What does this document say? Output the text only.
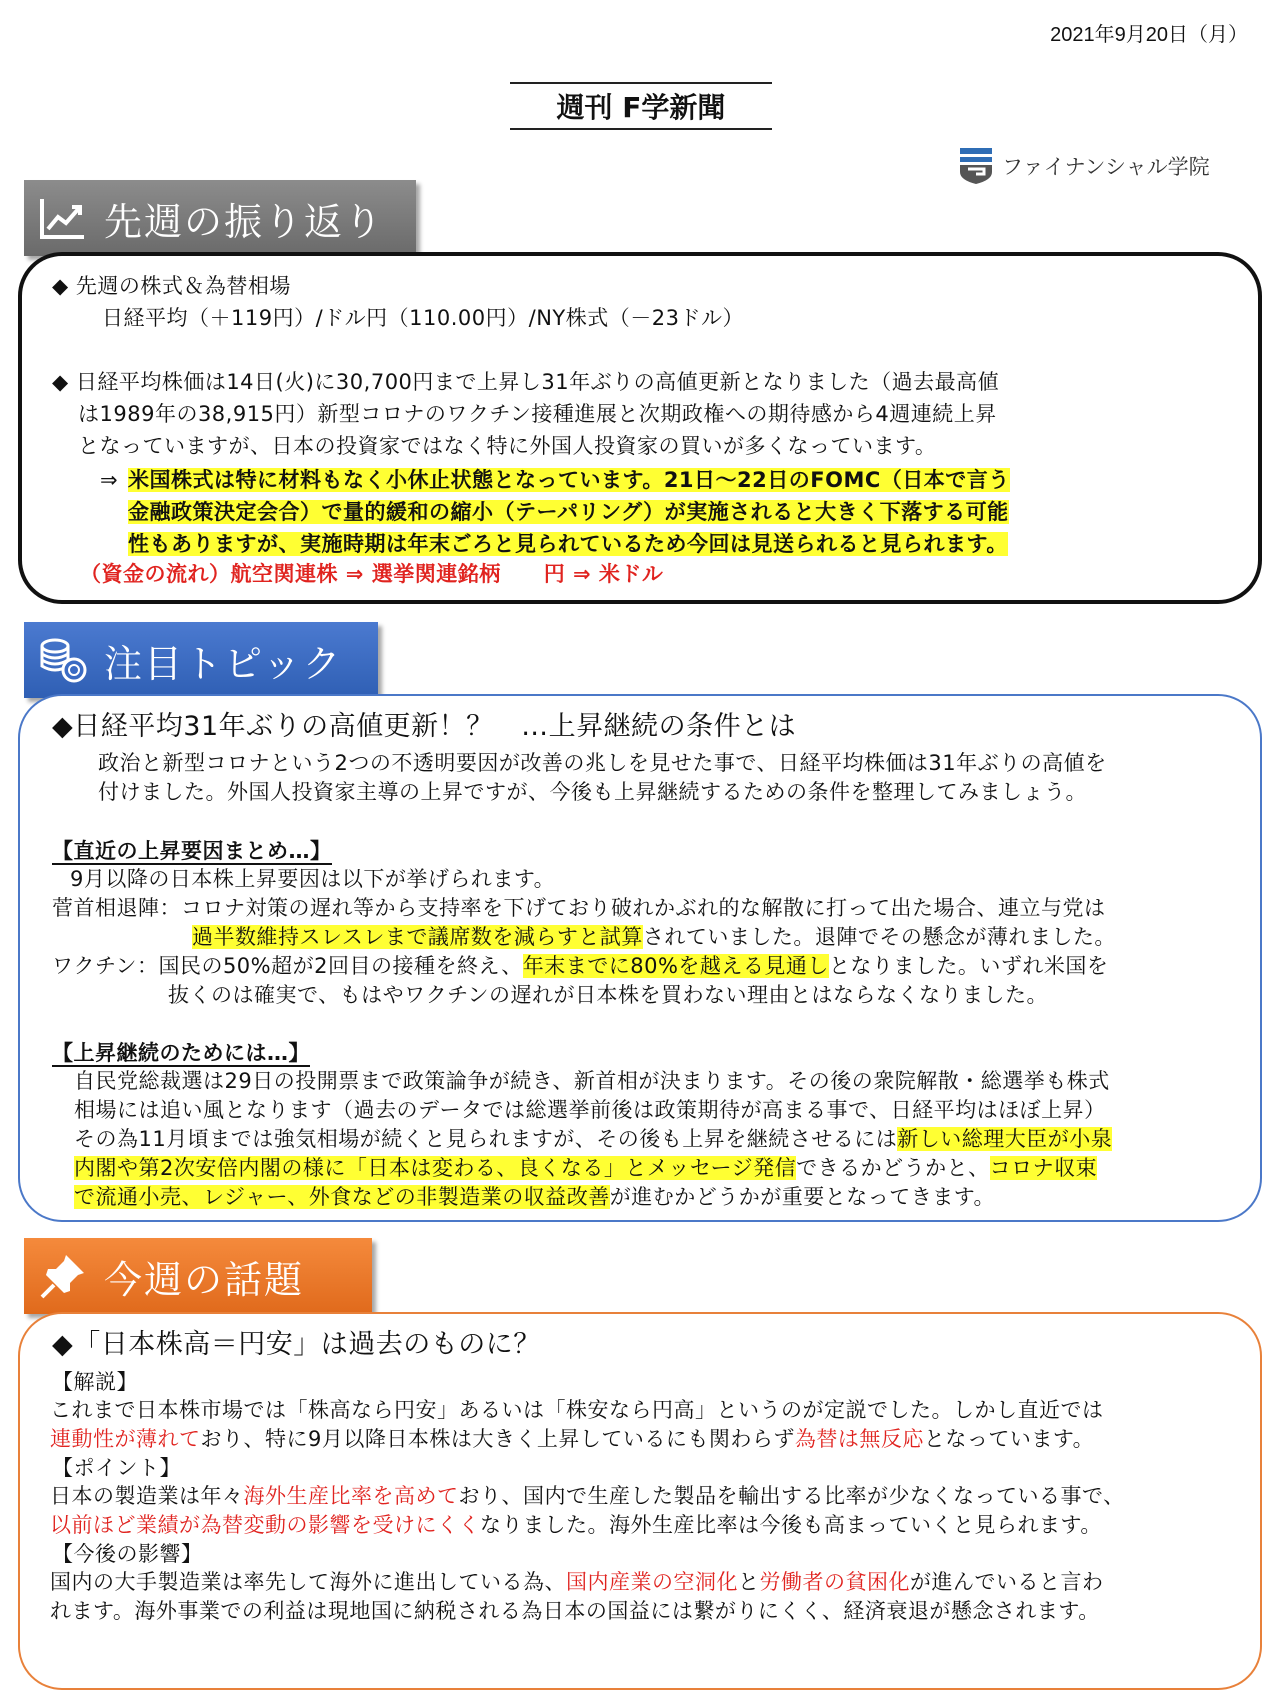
2021年9月20日（月）
週刊 F学新聞
ファイナンシャル学院
先週の振り返り
◆ 先週の株式＆為替相場
日経平均（＋119円）/ドル円（110.00円）/NY株式（－23ドル）
◆ 日経平均株価は14日(火)に30,700円まで上昇し31年ぶりの高値更新となりました（過去最高値
は1989年の38,915円）新型コロナのワクチン接種進展と次期政権への期待感から4週連続上昇
となっていますが、日本の投資家ではなく特に外国人投資家の買いが多くなっています。
⇒ 米国株式は特に材料もなく小休止状態となっています。21日～22日のFOMC（日本で言う
金融政策決定会合）で量的緩和の縮小（テーパリング）が実施されると大きく下落する可能
性もありますが、実施時期は年末ごろと見られているため今回は見送られると見られます。
（資金の流れ）航空関連株 ⇒ 選挙関連銘柄　　円 ⇒ 米ドル
注目トピック
◆日経平均31年ぶりの高値更新！？　…上昇継続の条件とは
政治と新型コロナという2つの不透明要因が改善の兆しを見せた事で、日経平均株価は31年ぶりの高値を
付けました。外国人投資家主導の上昇ですが、今後も上昇継続するための条件を整理してみましょう。
【直近の上昇要因まとめ…】
9月以降の日本株上昇要因は以下が挙げられます。
菅首相退陣：コロナ対策の遅れ等から支持率を下げており破れかぶれ的な解散に打って出た場合、連立与党は
過半数維持スレスレまで議席数を減らすと試算されていました。退陣でその懸念が薄れました。
ワクチン：国民の50%超が2回目の接種を終え、年末までに80%を越える見通しとなりました。いずれ米国を
抜くのは確実で、もはやワクチンの遅れが日本株を買わない理由とはならなくなりました。
【上昇継続のためには…】
自民党総裁選は29日の投開票まで政策論争が続き、新首相が決まります。その後の衆院解散・総選挙も株式
相場には追い風となります（過去のデータでは総選挙前後は政策期待が高まる事で、日経平均はほぼ上昇）
その為11月頃までは強気相場が続くと見られますが、その後も上昇を継続させるには新しい総理大臣が小泉
内閣や第2次安倍内閣の様に「日本は変わる、良くなる」とメッセージ発信できるかどうかと、コロナ収束
で流通小売、レジャー、外食などの非製造業の収益改善が進むかどうかが重要となってきます。
今週の話題
◆「日本株高＝円安」は過去のものに？
【解説】
これまで日本株市場では「株高なら円安」あるいは「株安なら円高」というのが定説でした。しかし直近では
連動性が薄れており、特に9月以降日本株は大きく上昇しているにも関わらず為替は無反応となっています。
【ポイント】
日本の製造業は年々海外生産比率を高めており、国内で生産した製品を輸出する比率が少なくなっている事で、
以前ほど業績が為替変動の影響を受けにくくなりました。海外生産比率は今後も高まっていくと見られます。
【今後の影響】
国内の大手製造業は率先して海外に進出している為、国内産業の空洞化と労働者の貧困化が進んでいると言わ
れます。海外事業での利益は現地国に納税される為日本の国益には繋がりにくく、経済衰退が懸念されます。
